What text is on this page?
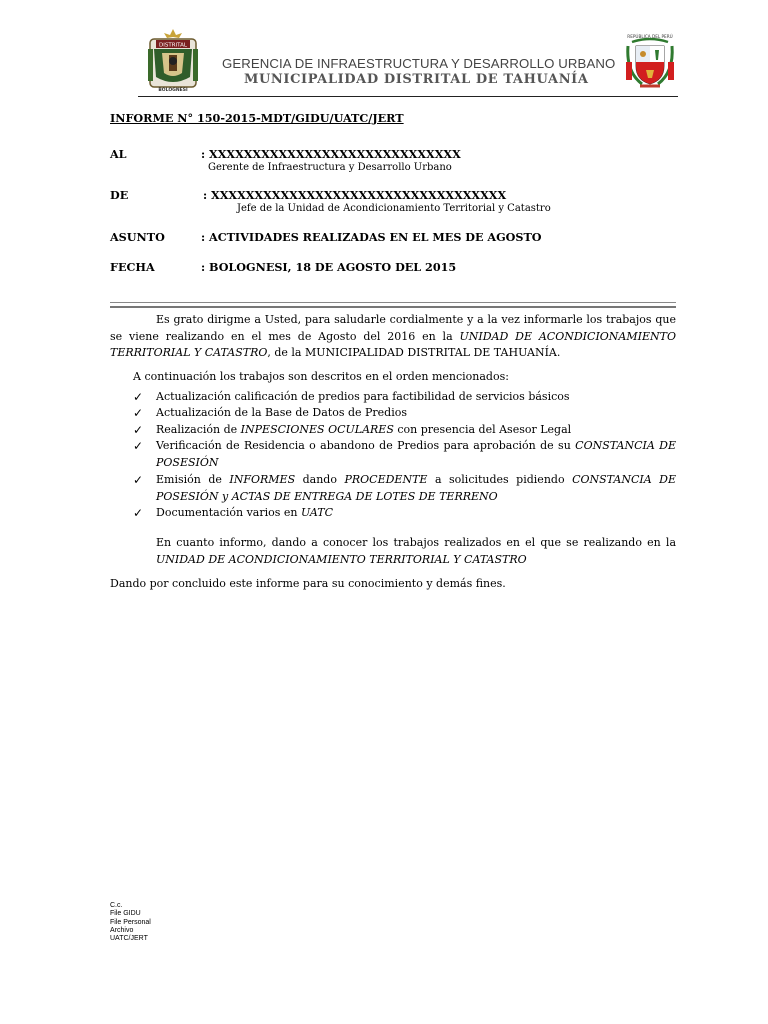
DISTRITAL
BOLOGNESI
GERENCIA DE INFRAESTRUCTURA Y DESARROLLO URBANO
MUNICIPALIDAD DISTRITAL DE TAHUANÍA
REPÚBLICA DEL PERÚ
INFORME N° 150-2015-MDT/GIDU/UATC/JERT
AL	: XXXXXXXXXXXXXXXXXXXXXXXXXXXXX
Gerente de Infraestructura y Desarrollo Urbano
DE	: XXXXXXXXXXXXXXXXXXXXXXXXXXXXXXXXXX
Jefe de la Unidad de Acondicionamiento Territorial y Catastro
ASUNTO	: ACTIVIDADES REALIZADAS EN EL MES DE AGOSTO
FECHA	: BOLOGNESI, 18 DE AGOSTO DEL 2015
Es grato dirigme a Usted, para saludarle cordialmente y a la vez informarle los trabajos que se viene realizando en el mes de Agosto del 2016 en la UNIDAD DE ACONDICIONAMIENTO TERRITORIAL Y CATASTRO, de la MUNICIPALIDAD DISTRITAL DE TAHUANÍA.
A continuación los trabajos son descritos en el orden mencionados:
✓ Actualización calificación de predios para factibilidad de servicios básicos
✓ Actualización de la Base de Datos de Predios
✓ Realización de INPESCIONES OCULARES con presencia del Asesor Legal
✓ Verificación de Residencia o abandono de Predios para aprobación de su CONSTANCIA DE POSESIÓN
✓ Emisión de INFORMES dando PROCEDENTE a solicitudes pidiendo CONSTANCIA DE POSESIÓN y ACTAS DE ENTREGA DE LOTES DE TERRENO
✓ Documentación varios en UATC
En cuanto informo, dando a conocer los trabajos realizados en el que se realizando en la UNIDAD DE ACONDICIONAMIENTO TERRITORIAL Y CATASTRO
Dando por concluido este informe para su conocimiento y demás fines.
C.c.
File GIDU
File Personal
Archivo
UATC/JERT
